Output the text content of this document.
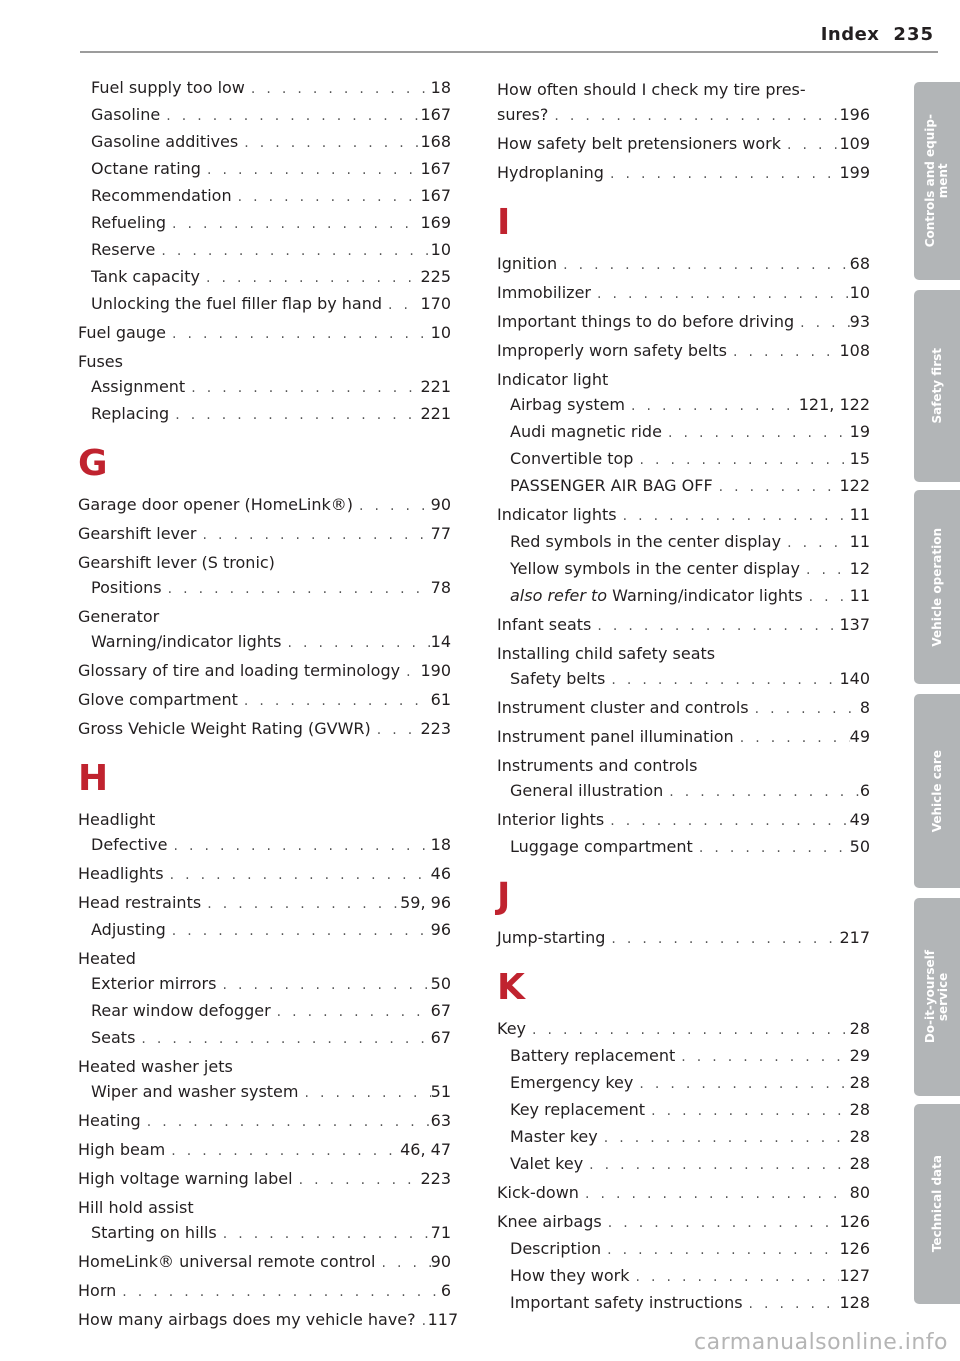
Index 235
Fuel supply too low . . .	18
Gasoline . . .	167
Gasoline additives . . .	168
Octane rating . . .	167
Recommendation . . .	167
Refueling . . .	169
Reserve . . .	10
Tank capacity . . .	225
Unlocking the fuel filler flap by hand . . . 170
Fuel gauge . . .	10
Fuses
Assignment . . .	221
Replacing . . .	221
G
Garage door opener (HomeLink®) . . .	90
Gearshift lever . . .	77
Gearshift lever (S tronic)
Positions . . .	78
Generator
Warning/indicator lights . . .	14
Glossary of tire and loading terminology . . . 190
Glove compartment . . .	61
Gross Vehicle Weight Rating (GVWR) . . .	223
H
Headlight
Defective . . .	18
Headlights . . .	46
Head restraints . . .	59, 96
Adjusting . . .	96
Heated
Exterior mirrors . . .	50
Rear window defogger . . .	67
Seats . . .	67
Heated washer jets
Wiper and washer system . . .	51
Heating . . .	63
High beam . . .	46, 47
High voltage warning label . . .	223
Hill hold assist
Starting on hills . . .	71
HomeLink® universal remote control . . .	90
Horn . . .	6
How many airbags does my vehicle have? . . . 117
How often should I check my tire pres-
sures? . . .	196
How safety belt pretensioners work . . .	109
Hydroplaning . . .	199
I
Ignition . . .	68
Immobilizer . . .	10
Important things to do before driving . . .	93
Improperly worn safety belts . . .	108
Indicator light
Airbag system . . .	121, 122
Audi magnetic ride . . .	19
Convertible top . . .	15
PASSENGER AIR BAG OFF . . .	122
Indicator lights . . .	11
Red symbols in the center display . . .	11
Yellow symbols in the center display . . .	12
also refer to Warning/indicator lights . . .	11
Infant seats . . .	137
Installing child safety seats
Safety belts . . .	140
Instrument cluster and controls . . .	8
Instrument panel illumination . . .	49
Instruments and controls
General illustration . . .	6
Interior lights . . .	49
Luggage compartment . . .	50
J
Jump-starting . . .	217
K
Key . . .	28
Battery replacement . . .	29
Emergency key . . .	28
Key replacement . . .	28
Master key . . .	28
Valet key . . .	28
Kick-down . . .	80
Knee airbags . . .	126
Description . . .	126
How they work . . .	127
Important safety instructions . . .	128
Controls and equip-
ment
Safety first
Vehicle operation
Vehicle care
Do-it-yourself
service
Technical data
carmanualsonline.info
